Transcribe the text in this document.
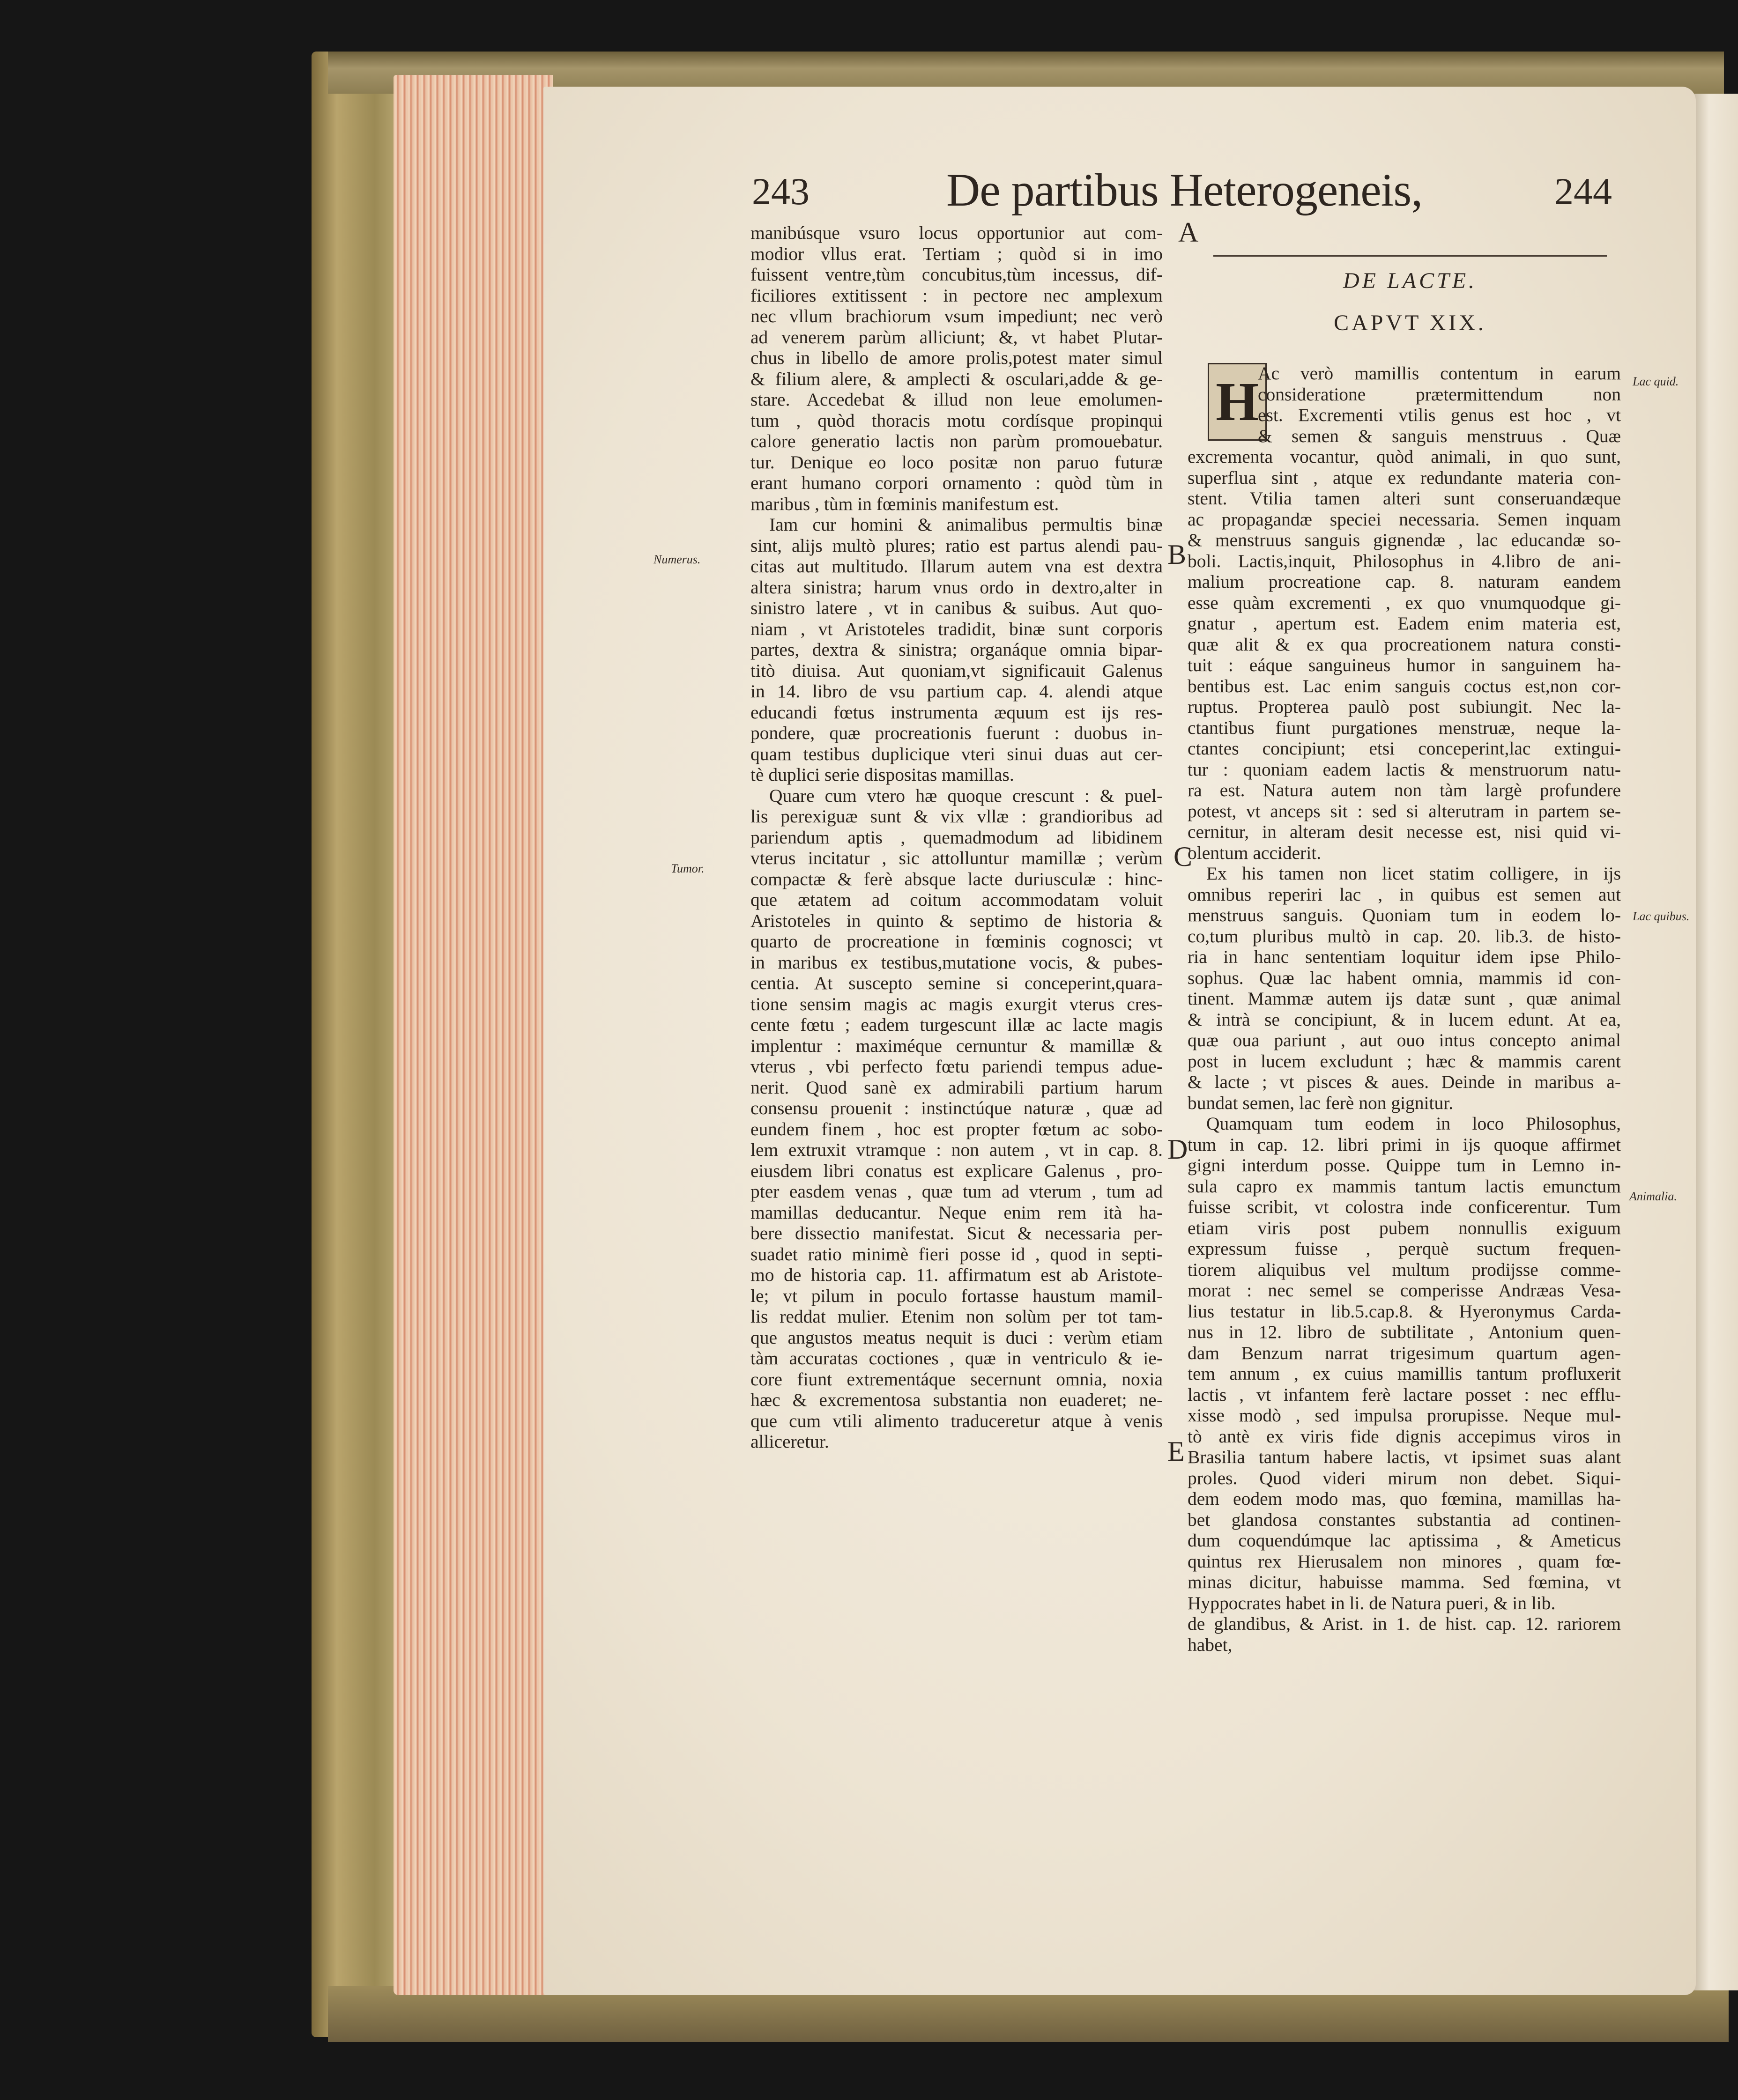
243	De partibus Heterogeneis,	244
DE LACTE.
CAPVT XIX.
H
A
B
C
D
E
Numerus.
Tumor.
Lac quid.
Lac quibus.
Animalia.
manibúsque vsuro locus opportunior aut com-
modior vllus erat. Tertiam ; quòd si in imo
fuissent ventre,tùm concubitus,tùm incessus, dif-
ficiliores extitissent : in pectore nec amplexum
nec vllum brachiorum vsum impediunt; nec verò
ad venerem parùm alliciunt; &, vt habet Plutar-
chus in libello de amore prolis,potest mater simul
& filium alere, & amplecti & osculari,adde & ge-
stare. Accedebat & illud non leue emolumen-
tum , quòd thoracis motu cordísque propinqui
calore generatio lactis non parùm promouebatur.
tur. Denique eo loco positæ non paruo futuræ
erant humano corpori ornamento : quòd tùm in
maribus , tùm in fœminis manifestum est.
Iam cur homini & animalibus permultis binæ
sint, alijs multò plures; ratio est partus alendi pau-
citas aut multitudo. Illarum autem vna est dextra
altera sinistra; harum vnus ordo in dextro,alter in
sinistro latere , vt in canibus & suibus. Aut quo-
niam , vt Aristoteles tradidit, binæ sunt corporis
partes, dextra & sinistra; organáque omnia bipar-
titò diuisa. Aut quoniam,vt significauit Galenus
in 14. libro de vsu partium cap. 4. alendi atque
educandi fœtus instrumenta æquum est ijs res-
pondere, quæ procreationis fuerunt : duobus in-
quam testibus duplicique vteri sinui duas aut cer-
tè duplici serie dispositas mamillas.
Quare cum vtero hæ quoque crescunt : & puel-
lis perexiguæ sunt & vix vllæ : grandioribus ad
pariendum aptis , quemadmodum ad libidinem
vterus incitatur , sic attolluntur mamillæ ; verùm
compactæ & ferè absque lacte duriusculæ : hinc-
que ætatem ad coitum accommodatam voluit
Aristoteles in quinto & septimo de historia &
quarto de procreatione in fœminis cognosci; vt
in maribus ex testibus,mutatione vocis, & pubes-
centia. At suscepto semine si conceperint,quara-
tione sensim magis ac magis exurgit vterus cres-
cente fœtu ; eadem turgescunt illæ ac lacte magis
implentur : maximéque cernuntur & mamillæ &
vterus , vbi perfecto fœtu pariendi tempus adue-
nerit. Quod sanè ex admirabili partium harum
consensu prouenit : instinctúque naturæ , quæ ad
eundem finem , hoc est propter fœtum ac sobo-
lem extruxit vtramque : non autem , vt in cap. 8.
eiusdem libri conatus est explicare Galenus , pro-
pter easdem venas , quæ tum ad vterum , tum ad
mamillas deducantur. Neque enim rem ità ha-
bere dissectio manifestat. Sicut & necessaria per-
suadet ratio minimè fieri posse id , quod in septi-
mo de historia cap. 11. affirmatum est ab Aristote-
le; vt pilum in poculo fortasse haustum mamil-
lis reddat mulier. Etenim non solùm per tot tam-
que angustos meatus nequit is duci : verùm etiam
tàm accuratas coctiones , quæ in ventriculo & ie-
core fiunt extrementáque secernunt omnia, noxia
hæc & excrementosa substantia non euaderet; ne-
que cum vtili alimento traduceretur atque à venis
alliceretur.
Ac verò mamillis contentum in earum
consideratione prætermittendum non
est. Excrementi vtilis genus est hoc , vt
& semen & sanguis menstruus . Quæ
excrementa vocantur, quòd animali, in quo sunt,
superflua sint , atque ex redundante materia con-
stent. Vtilia tamen alteri sunt conseruandæque
ac propagandæ speciei necessaria. Semen inquam
& menstruus sanguis gignendæ , lac educandæ so-
boli. Lactis,inquit, Philosophus in 4.libro de ani-
malium procreatione cap. 8. naturam eandem
esse quàm excrementi , ex quo vnumquodque gi-
gnatur , apertum est. Eadem enim materia est,
quæ alit & ex qua procreationem natura consti-
tuit : eáque sanguineus humor in sanguinem ha-
bentibus est. Lac enim sanguis coctus est,non cor-
ruptus. Propterea paulò post subiungit. Nec la-
ctantibus fiunt purgationes menstruæ, neque la-
ctantes concipiunt; etsi conceperint,lac extingui-
tur : quoniam eadem lactis & menstruorum natu-
ra est. Natura autem non tàm largè profundere
potest, vt anceps sit : sed si alterutram in partem se-
cernitur, in alteram desit necesse est, nisi quid vi-
olentum acciderit.
Ex his tamen non licet statim colligere, in ijs
omnibus reperiri lac , in quibus est semen aut
menstruus sanguis. Quoniam tum in eodem lo-
co,tum pluribus multò in cap. 20. lib.3. de histo-
ria in hanc sententiam loquitur idem ipse Philo-
sophus. Quæ lac habent omnia, mammis id con-
tinent. Mammæ autem ijs datæ sunt , quæ animal
& intrà se concipiunt, & in lucem edunt. At ea,
quæ oua pariunt , aut ouo intus concepto animal
post in lucem excludunt ; hæc & mammis carent
& lacte ; vt pisces & aues. Deinde in maribus a-
bundat semen, lac ferè non gignitur.
Quamquam tum eodem in loco Philosophus,
tum in cap. 12. libri primi in ijs quoque affirmet
gigni interdum posse. Quippe tum in Lemno in-
sula capro ex mammis tantum lactis emunctum
fuisse scribit, vt colostra inde conficerentur. Tum
etiam viris post pubem nonnullis exiguum
expressum fuisse , perquè suctum frequen-
tiorem aliquibus vel multum prodijsse comme-
morat : nec semel se comperisse Andræas Vesa-
lius testatur in lib.5.cap.8. & Hyeronymus Carda-
nus in 12. libro de subtilitate , Antonium quen-
dam Benzum narrat trigesimum quartum agen-
tem annum , ex cuius mamillis tantum profluxerit
lactis , vt infantem ferè lactare posset : nec efflu-
xisse modò , sed impulsa prorupisse. Neque mul-
tò antè ex viris fide dignis accepimus viros in
Brasilia tantum habere lactis, vt ipsimet suas alant
proles. Quod videri mirum non debet. Siqui-
dem eodem modo mas, quo fœmina, mamillas ha-
bet glandosa constantes substantia ad continen-
dum coquendúmque lac aptissima , & Ameticus
quintus rex Hierusalem non minores , quam fœ-
minas dicitur, habuisse mamma. Sed fœmina, vt
Hyppocrates habet in li. de Natura pueri, & in lib.
de glandibus, & Arist. in 1. de hist. cap. 12. rariorem
habet,
